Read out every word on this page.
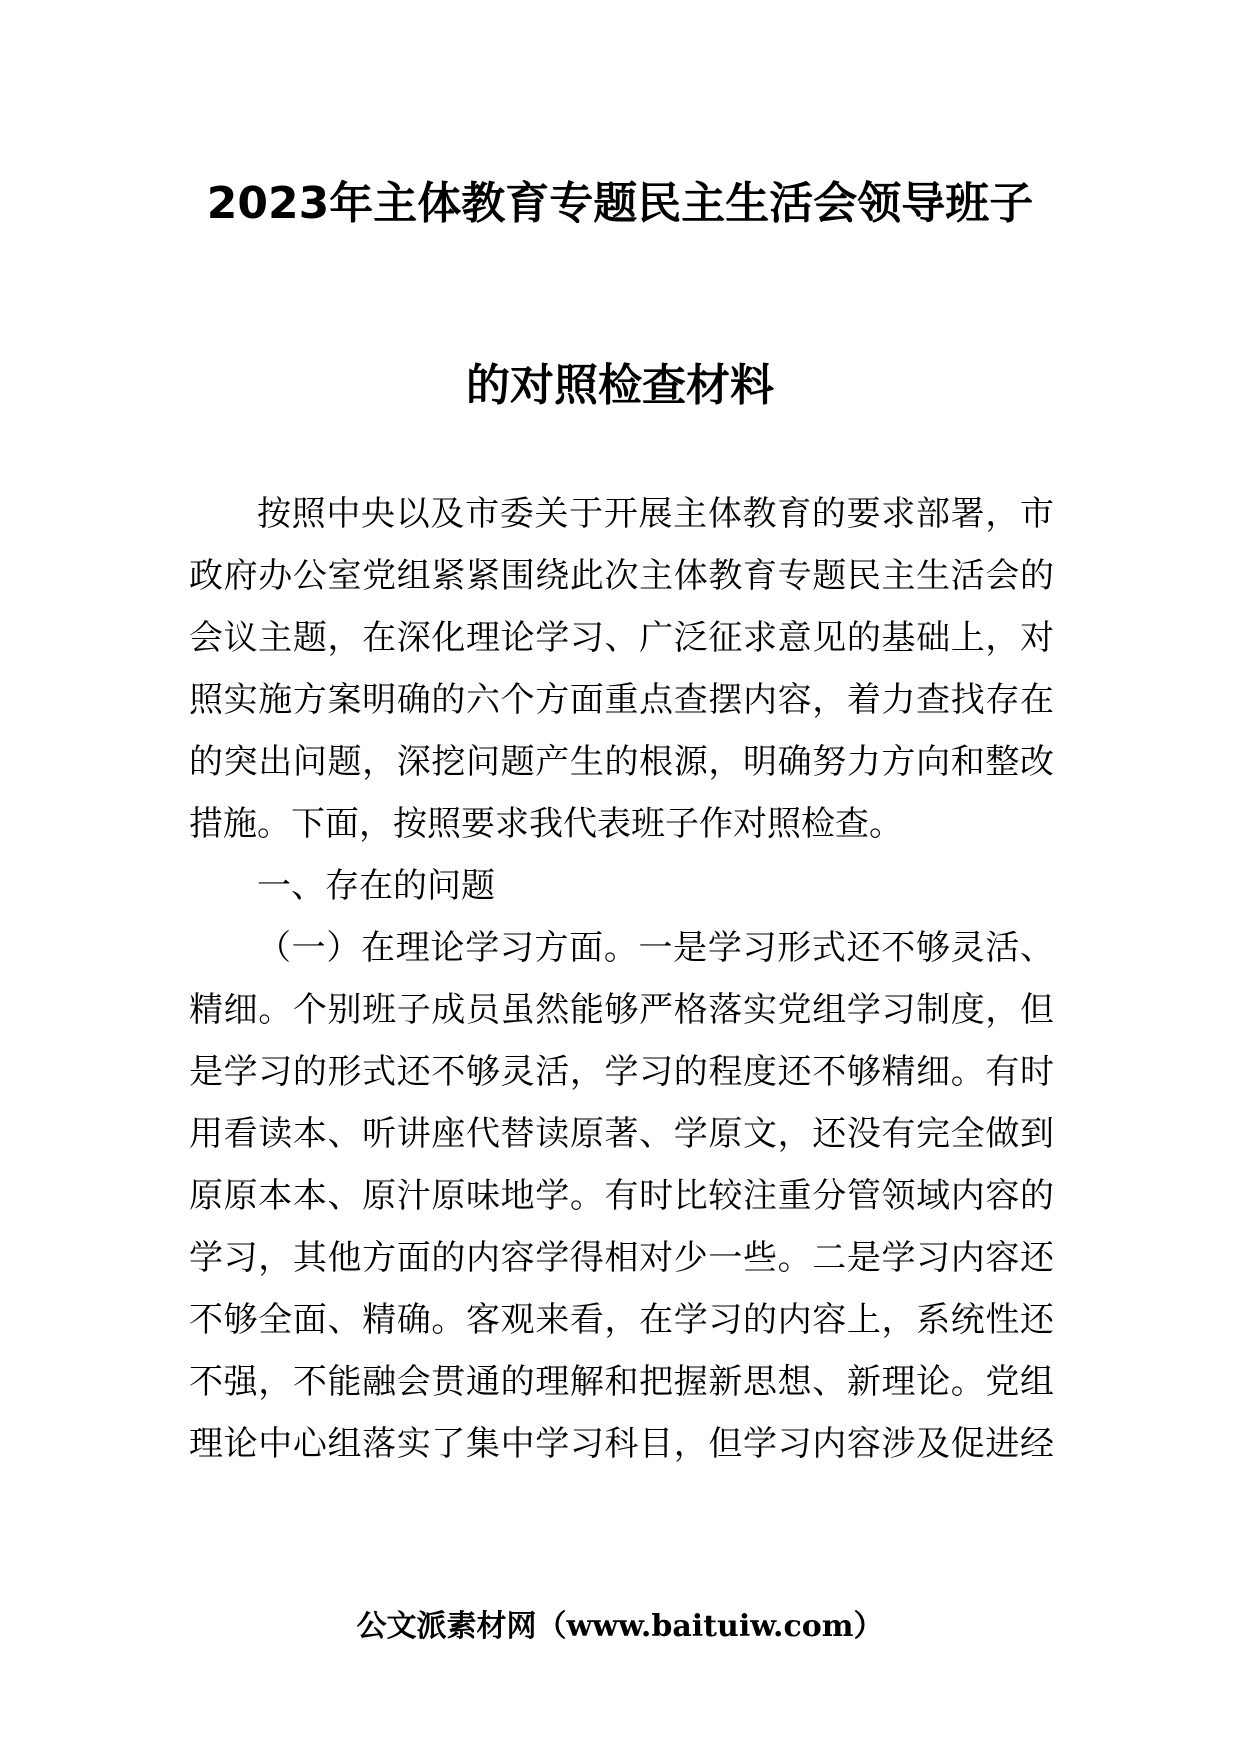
2023年主体教育专题民主生活会领导班子
的对照检查材料
按照中央以及市委关于开展主体教育的要求部署，市
政府办公室党组紧紧围绕此次主体教育专题民主生活会的
会议主题，在深化理论学习、广泛征求意见的基础上，对
照实施方案明确的六个方面重点查摆内容，着力查找存在
的突出问题，深挖问题产生的根源，明确努力方向和整改
措施。下面，按照要求我代表班子作对照检查。
一、存在的问题
（一）在理论学习方面。一是学习形式还不够灵活、
精细。个别班子成员虽然能够严格落实党组学习制度，但
是学习的形式还不够灵活，学习的程度还不够精细。有时
用看读本、听讲座代替读原著、学原文，还没有完全做到
原原本本、原汁原味地学。有时比较注重分管领域内容的
学习，其他方面的内容学得相对少一些。二是学习内容还
不够全面、精确。客观来看，在学习的内容上，系统性还
不强，不能融会贯通的理解和把握新思想、新理论。党组
理论中心组落实了集中学习科目，但学习内容涉及促进经
公文派素材网（www.baituiw.com）
